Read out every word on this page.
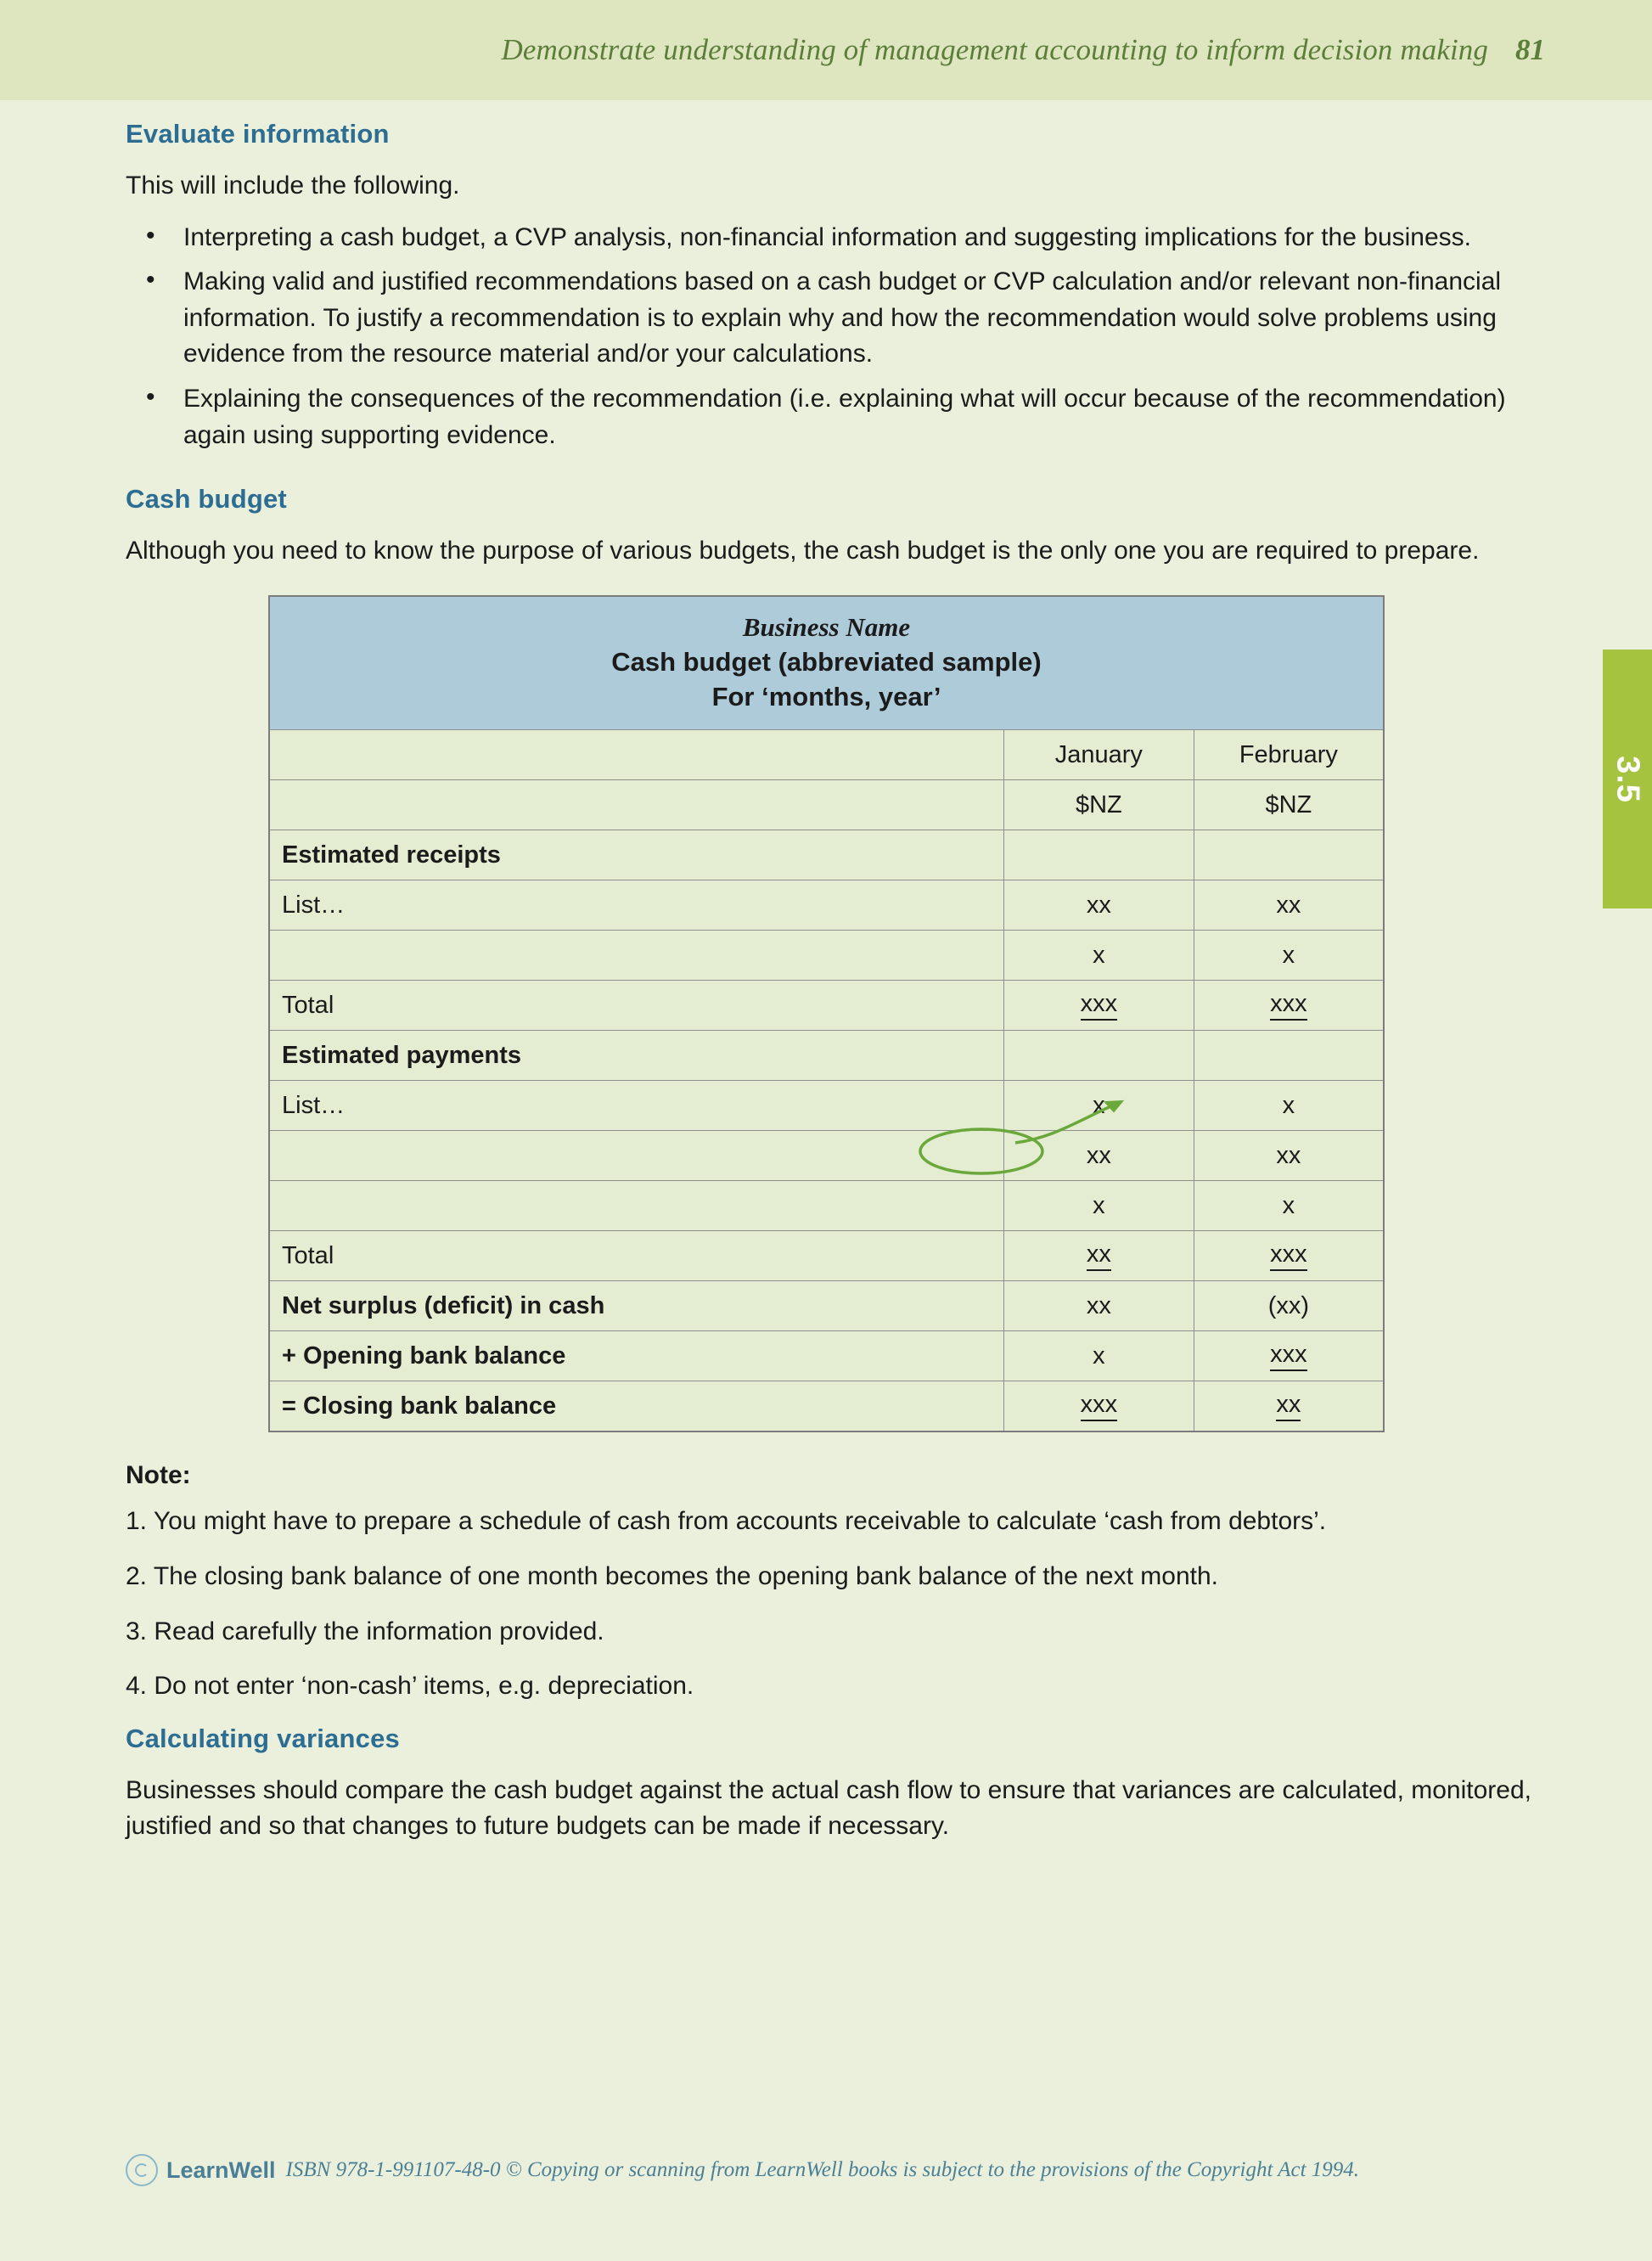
Demonstrate understanding of management accounting to inform decision making 81
3.5
Evaluate information

This will include the following.

• Interpreting a cash budget, a CVP analysis, non-financial information and suggesting implications for the business.
• Making valid and justified recommendations based on a cash budget or CVP calculation and/or relevant non-financial information. To justify a recommendation is to explain why and how the recommendation would solve problems using evidence from the resource material and/or your calculations.
• Explaining the consequences of the recommendation (i.e. explaining what will occur because of the recommendation) again using supporting evidence.
Cash budget

Although you need to know the purpose of various budgets, the cash budget is the only one you are required to prepare.

Business Name
Cash budget (abbreviated sample)
For ‘months, year’		

	January	February
	$NZ	$NZ
Estimated receipts		
List…	xx	xx
	x	x
Total	xxx	xxx
Estimated payments		
List…	x	x
	xx	xx
	x	x
Total	xx	xxx
Net surplus (deficit) in cash	xx	(xx)
+ Opening bank balance	x	xxx
= Closing bank balance	xxx	xx
Note:

1. You might have to prepare a schedule of cash from accounts receivable to calculate ‘cash from debtors’.

2. The closing bank balance of one month becomes the opening bank balance of the next month.

3. Read carefully the information provided.

4. Do not enter ‘non-cash’ items, e.g. depreciation.

Calculating variances

Businesses should compare the cash budget against the actual cash flow to ensure that variances are calculated, monitored, justified and so that changes to future budgets can be made if necessary.

LearnWell ISBN 978-1-991107-48-0 © Copying or scanning from LearnWell books is subject to the provisions of the Copyright Act 1994.
